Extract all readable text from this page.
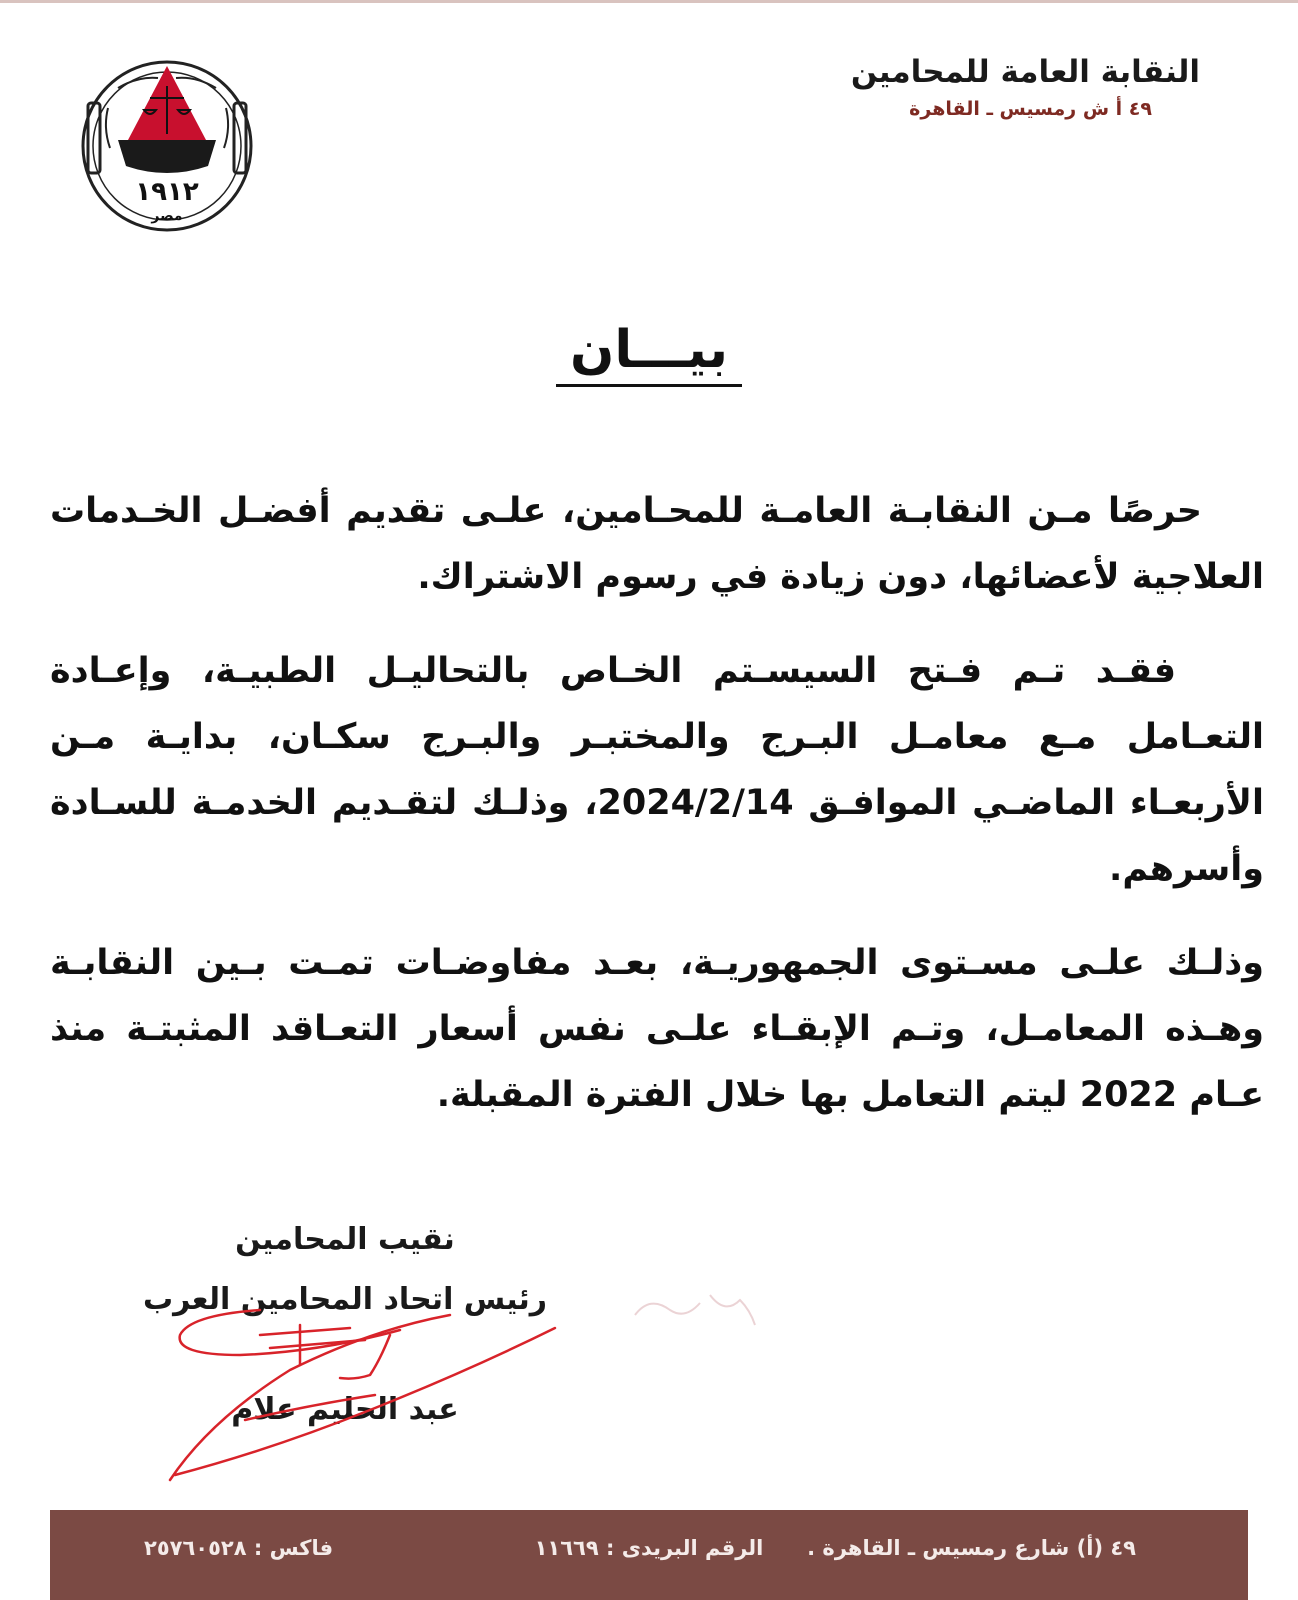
النقابة العامة للمحامين
٤٩ أ ش رمسيس ـ القاهرة
١٩١٢
مصر
بيـــان

حرصًا مـن النقابـة العامـة للمحـامين، علـى تقديم أفضـل الخـدمات العلاجية لأعضائها، دون زيادة في رسوم الاشتراك.

فقـد تـم فـتح السيسـتم الخـاص بالتحاليـل الطبيـة، وإعـادة التعـامل مـع معامـل البـرج والمختبـر والبـرج سكـان، بدايـة مـن الأربعـاء الماضـي الموافـق 2024/2/14، وذلـك لتقـديم الخدمـة للسـادة وأسرهم.

وذلـك علـى مسـتوى الجمهوريـة، بعـد مفاوضـات تمـت بـين النقابـة وهـذه المعامـل، وتـم الإبقـاء علـى نفس أسعار التعـاقد المثبتـة منذ عـام 2022 ليتم التعامل بها خلال الفترة المقبلة.

نقيب المحامين
رئيس اتحاد المحامين العرب
عبد الحليم علام
٤٩ (أ) شارع رمسيس ـ القاهرة .
الرقم البريدى : ١١٦٦٩
فاكس : ٢٥٧٦٠٥٢٨
